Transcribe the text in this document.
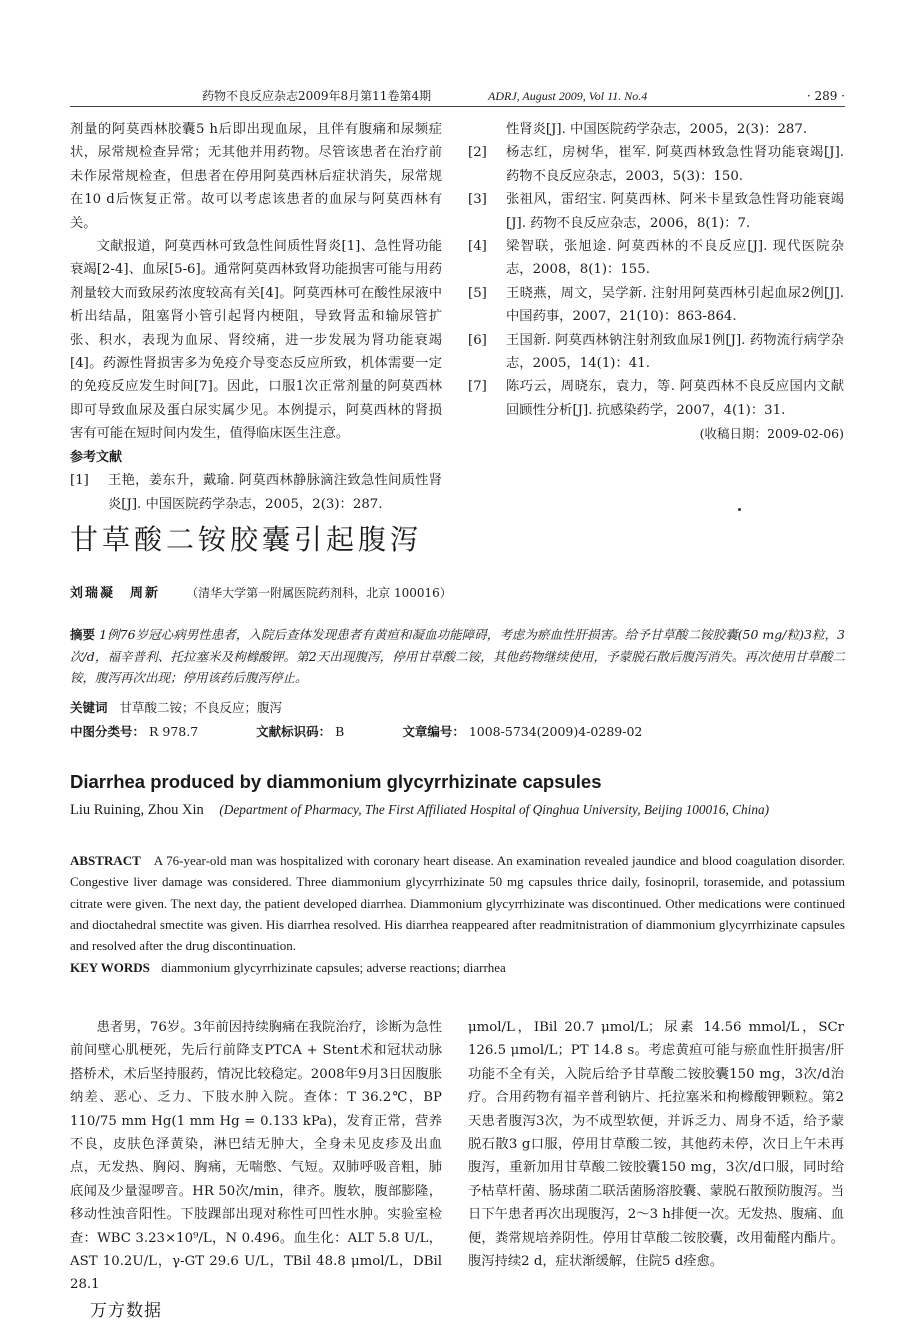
药物不良反应杂志2009年8月第11卷第4期	ADRJ, August 2009, Vol 11. No.4	· 289 ·

剂量的阿莫西林胶囊5 h后即出现血尿，且伴有腹痛和尿频症状，尿常规检查异常；无其他并用药物。尽管该患者在治疗前未作尿常规检查，但患者在停用阿莫西林后症状消失，尿常规在10 d后恢复正常。故可以考虑该患者的血尿与阿莫西林有关。

文献报道，阿莫西林可致急性间质性肾炎[1]、急性肾功能衰竭[2-4]、血尿[5-6]。通常阿莫西林致肾功能损害可能与用药剂量较大而致尿药浓度较高有关[4]。阿莫西林可在酸性尿液中析出结晶，阻塞肾小管引起肾内梗阻，导致肾盂和输尿管扩张、积水，表现为血尿、肾绞痛，进一步发展为肾功能衰竭[4]。药源性肾损害多为免疫介导变态反应所致，机体需要一定的免疫反应发生时间[7]。因此，口服1次正常剂量的阿莫西林即可导致血尿及蛋白尿实属少见。本例提示，阿莫西林的肾损害有可能在短时间内发生，值得临床医生注意。

参考文献
[1]	王艳，姜东升，戴瑜. 阿莫西林静脉滴注致急性间质性肾炎[J]. 中国医院药学杂志，2005，2(3)：287.
性肾炎[J]. 中国医院药学杂志，2005，2(3)：287.
[2]	杨志红，房树华，崔军. 阿莫西林致急性肾功能衰竭[J]. 药物不良反应杂志，2003，5(3)：150.
[3]	张祖风，雷绍宝. 阿莫西林、阿米卡星致急性肾功能衰竭[J]. 药物不良反应杂志，2006，8(1)：7.
[4]	梁智联，张旭途. 阿莫西林的不良反应[J]. 现代医院杂志，2008，8(1)：155.
[5]	王晓燕，周文，吴学新. 注射用阿莫西林引起血尿2例[J]. 中国药事，2007，21(10)：863-864.
[6]	王国新. 阿莫西林钠注射剂致血尿1例[J]. 药物流行病学杂志，2005，14(1)：41.
[7]	陈巧云，周晓东，袁力，等. 阿莫西林不良反应国内文献回顾性分析[J]. 抗感染药学，2007，4(1)：31.
(收稿日期：2009-02-06)
甘草酸二铵胶囊引起腹泻
刘瑞凝　周新 （清华大学第一附属医院药剂科，北京 100016）
摘要 1例76岁冠心病男性患者，入院后查体发现患者有黄疸和凝血功能障碍，考虑为瘀血性肝损害。给予甘草酸二铵胶囊(50 mg/粒)3粒，3次/d，福辛普利、托拉塞米及枸橼酸钾。第2天出现腹泻，停用甘草酸二铵，其他药物继续使用，予蒙脱石散后腹泻消失。再次使用甘草酸二铵，腹泻再次出现；停用该药后腹泻停止。
关键词 甘草酸二铵；不良反应；腹泻
中图分类号： R 978.7	文献标识码： B	文章编号： 1008-5734(2009)4-0289-02
Diarrhea produced by diammonium glycyrrhizinate capsules
Liu Ruining, Zhou Xin (Department of Pharmacy, The First Affiliated Hospital of Qinghua University, Beijing 100016, China)
ABSTRACT A 76-year-old man was hospitalized with coronary heart disease. An examination revealed jaundice and blood coagulation disorder. Congestive liver damage was considered. Three diammonium glycyrrhizinate 50 mg capsules thrice daily, fosinopril, torasemide, and potassium citrate were given. The next day, the patient developed diarrhea. Diammonium glycyrrhizinate was discontinued. Other medications were continued and dioctahedral smectite was given. His diarrhea resolved. His diarrhea reappeared after readmitnistration of diammonium glycyrrhizinate capsules and resolved after the drug discontinuation.
KEY WORDS diammonium glycyrrhizinate capsules; adverse reactions; diarrhea

患者男，76岁。3年前因持续胸痛在我院治疗，诊断为急性前间壁心肌梗死，先后行前降支PTCA + Stent术和冠状动脉搭桥术，术后坚持服药，情况比较稳定。2008年9月3日因腹胀纳差、恶心、乏力、下肢水肿入院。查体：T 36.2℃，BP 110/75 mm Hg(1 mm Hg = 0.133 kPa)，发育正常，营养不良，皮肤色泽黄染，淋巴结无肿大，全身未见皮疹及出血点，无发热、胸闷、胸痛，无喘憋、气短。双肺呼吸音粗，肺底闻及少量湿啰音。HR 50次/min，律齐。腹软，腹部膨隆，移动性浊音阳性。下肢踝部出现对称性可凹性水肿。实验室检查：WBC 3.23×10⁹/L，N 0.496。血生化：ALT 5.8 U/L，AST 10.2U/L，γ-GT 29.6 U/L，TBil 48.8 μmol/L，DBil 28.1

μmol/L，IBil 20.7 μmol/L；尿素 14.56 mmol/L，SCr 126.5 μmol/L；PT 14.8 s。考虑黄疸可能与瘀血性肝损害/肝功能不全有关，入院后给予甘草酸二铵胶囊150 mg，3次/d治疗。合用药物有福辛普利钠片、托拉塞米和枸橼酸钾颗粒。第2天患者腹泻3次，为不成型软便，并诉乏力、周身不适，给予蒙脱石散3 g口服，停用甘草酸二铵，其他药未停，次日上午未再腹泻，重新加用甘草酸二铵胶囊150 mg，3次/d口服，同时给予枯草杆菌、肠球菌二联活菌肠溶胶囊、蒙脱石散预防腹泻。当日下午患者再次出现腹泻，2～3 h排便一次。无发热、腹痛、血便，粪常规培养阴性。停用甘草酸二铵胶囊，改用葡醛内酯片。腹泻持续2 d，症状渐缓解，住院5 d痊愈。

万方数据
